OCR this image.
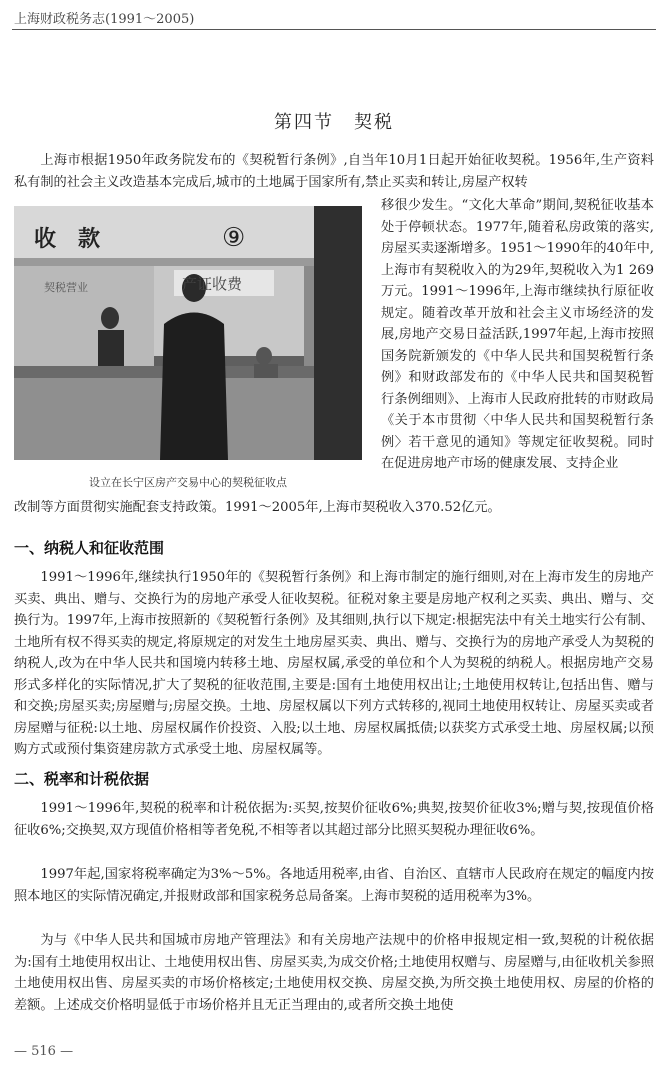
上海财政税务志(1991～2005)
第四节　契税
上海市根据1950年政务院发布的《契税暂行条例》,自当年10月1日起开始征收契税。1956年,生产资料私有制的社会主义改造基本完成后,城市的土地属于国家所有,禁止买卖和转让,房屋产权转
收　款	⑨
产证收费
契税营业
设立在长宁区房产交易中心的契税征收点
移很少发生。“文化大革命”期间,契税征收基本处于停顿状态。1977年,随着私房政策的落实,房屋买卖逐渐增多。1951～1990年的40年中,上海市有契税收入的为29年,契税收入为1 269万元。1991～1996年,上海市继续执行原征收规定。随着改革开放和社会主义市场经济的发展,房地产交易日益活跃,1997年起,上海市按照国务院新颁发的《中华人民共和国契税暂行条例》和财政部发布的《中华人民共和国契税暂行条例细则》、上海市人民政府批转的市财政局《关于本市贯彻〈中华人民共和国契税暂行条例〉若干意见的通知》等规定征收契税。同时在促进房地产市场的健康发展、支持企业
改制等方面贯彻实施配套支持政策。1991～2005年,上海市契税收入370.52亿元。
一、纳税人和征收范围
1991～1996年,继续执行1950年的《契税暂行条例》和上海市制定的施行细则,对在上海市发生的房地产买卖、典出、赠与、交换行为的房地产承受人征收契税。征税对象主要是房地产权利之买卖、典出、赠与、交换行为。1997年,上海市按照新的《契税暂行条例》及其细则,执行以下规定:根据宪法中有关土地实行公有制、土地所有权不得买卖的规定,将原规定的对发生土地房屋买卖、典出、赠与、交换行为的房地产承受人为契税的纳税人,改为在中华人民共和国境内转移土地、房屋权属,承受的单位和个人为契税的纳税人。根据房地产交易形式多样化的实际情况,扩大了契税的征收范围,主要是:国有土地使用权出让;土地使用权转让,包括出售、赠与和交换;房屋买卖;房屋赠与;房屋交换。土地、房屋权属以下列方式转移的,视同土地使用权转让、房屋买卖或者房屋赠与征税:以土地、房屋权属作价投资、入股;以土地、房屋权属抵债;以获奖方式承受土地、房屋权属;以预购方式或预付集资建房款方式承受土地、房屋权属等。
二、税率和计税依据
1991～1996年,契税的税率和计税依据为:买契,按契价征收6%;典契,按契价征收3%;赠与契,按现值价格征收6%;交换契,双方现值价格相等者免税,不相等者以其超过部分比照买契税办理征收6%。
1997年起,国家将税率确定为3%～5%。各地适用税率,由省、自治区、直辖市人民政府在规定的幅度内按照本地区的实际情况确定,并报财政部和国家税务总局备案。上海市契税的适用税率为3%。
为与《中华人民共和国城市房地产管理法》和有关房地产法规中的价格申报规定相一致,契税的计税依据为:国有土地使用权出让、土地使用权出售、房屋买卖,为成交价格;土地使用权赠与、房屋赠与,由征收机关参照土地使用权出售、房屋买卖的市场价格核定;土地使用权交换、房屋交换,为所交换土地使用权、房屋的价格的差额。上述成交价格明显低于市场价格并且无正当理由的,或者所交换土地使
— 516 —
